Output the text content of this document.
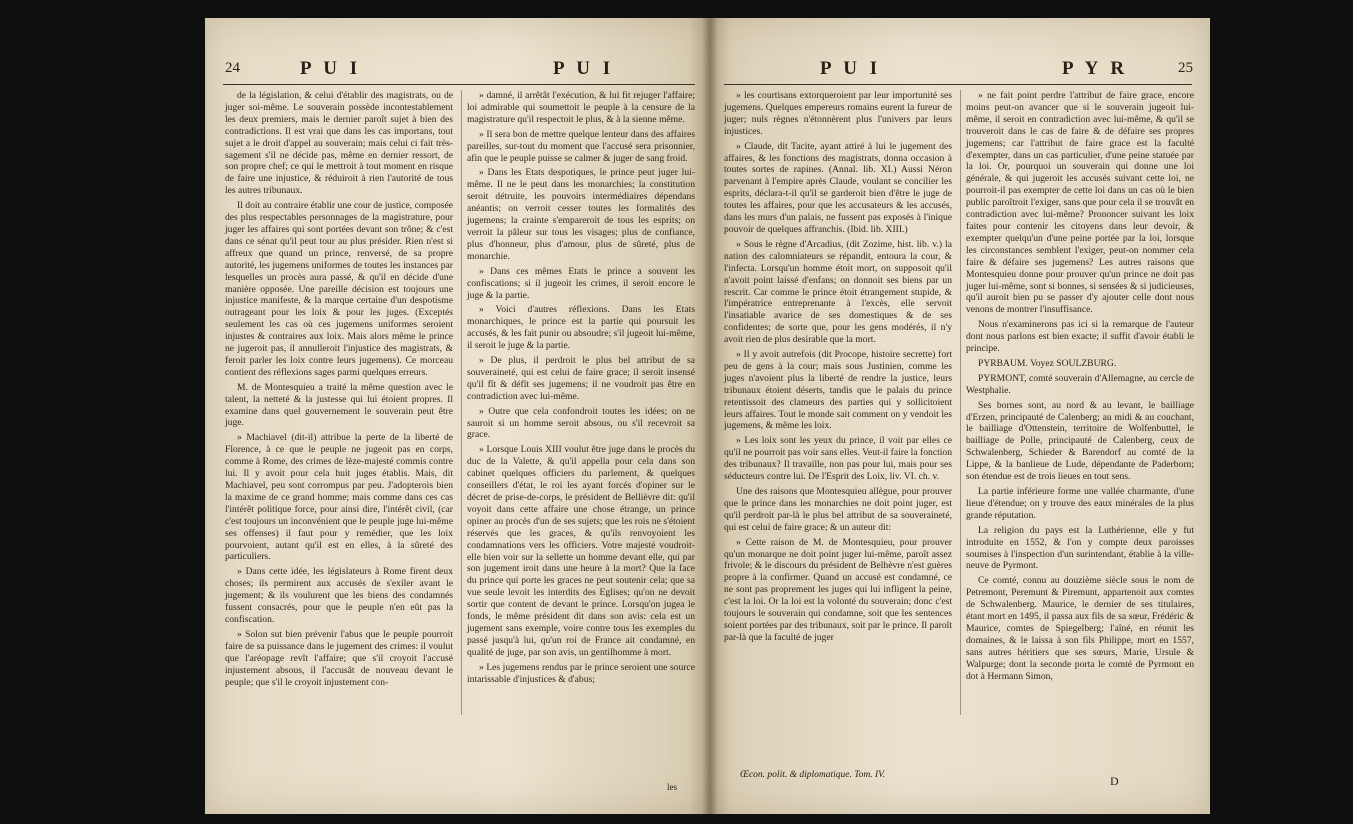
24	P U I	P U I

de la législation, & celui d'établir des magistrats, ou de juger soi-même. Le souverain possède incontestablement les deux premiers, mais le dernier paroît sujet à bien des contradictions. Il est vrai que dans les cas importans, tout sujet a le droit d'appel au souverain; mais celui ci fait très-sagement s'il ne décide pas, même en dernier ressort, de son propre chef; ce qui le mettroit à tout moment en risque de faire une injustice, & réduiroit à rien l'autorité de tous les autres tribunaux.

Il doit au contraire établir une cour de justice, composée des plus respectables personnages de la magistrature, pour juger les affaires qui sont portées devant son trône; & c'est dans ce sénat qu'il peut tour au plus présider. Rien n'est si affreux que quand un prince, renversé, de sa propre autorité, les jugemens uniformes de toutes les instances par lesquelles un procès aura passé, & qu'il en décide d'une manière opposée. Une pareille décision est toujours une injustice manifeste, & la marque certaine d'un despotisme outrageant pour les loix & pour les juges. (Exceptés seulement les cas où ces jugemens uniformes seroient injustes & contraires aux loix. Mais alors même le prince ne jugeroit pas, il annulleroit l'injustice des magistrats, & feroit parler les loix contre leurs jugemens). Ce morceau contient des réflexions sages parmi quelques erreurs.

M. de Montesquieu a traité la même question avec le talent, la netteté & la justesse qui lui étoient propres. Il examine dans quel gouvernement le souverain peut être juge.

» Machiavel (dit-il) attribue la perte de la liberté de Florence, à ce que le peuple ne jugeoit pas en corps, comme à Rome, des crimes de lèze-majesté commis contre lui. Il y avoit pour cela huit juges établis. Mais, dit Machiavel, peu sont corrompus par peu. J'adopterois bien la maxime de ce grand homme; mais comme dans ces cas l'intérêt politique force, pour ainsi dire, l'intérêt civil, (car c'est toujours un inconvénient que le peuple juge lui-même ses offenses) il faut pour y remédier, que les loix pourvoient, autant qu'il est en elles, à la sûreté des particuliers.

» Dans cette idée, les législateurs à Rome firent deux choses; ils permirent aux accusés de s'exiler avant le jugement; & ils voulurent que les biens des condamnés fussent consacrés, pour que le peuple n'en eût pas la confiscation.

» Solon sut bien prévenir l'abus que le peuple pourroit faire de sa puissance dans le jugement des crimes: il voulut que l'aréopage revît l'affaire; que s'il croyoit l'accusé injustement absous, il l'accusât de nouveau devant le peuple; que s'il le croyoit injustement con-

» damné, il arrêtât l'exécution, & lui fit rejuger l'affaire; loi admirable qui soumettoit le peuple à la censure de la magistrature qu'il respectoit le plus, & à la sienne même.

» Il sera bon de mettre quelque lenteur dans des affaires pareilles, sur-tout du moment que l'accusé sera prisonnier, afin que le peuple puisse se calmer & juger de sang froid.

» Dans les Etats despotiques, le prince peut juger lui-même. Il ne le peut dans les monarchies; la constitution seroit détruite, les pouvoirs intermédiaires dépendans anéantis; on verroit cesser toutes les formalités des jugemens; la crainte s'empareroit de tous les esprits; on verroit la pâleur sur tous les visages; plus de confiance, plus d'honneur, plus d'amour, plus de sûreté, plus de monarchie.

» Dans ces mêmes Etats le prince a souvent les confiscations; si il jugeoit les crimes, il seroit encore le juge & la partie.

» Voici d'autres réflexions. Dans les Etats monarchiques, le prince est la partie qui poursuit les accusés, & les fait punir ou absoudre; s'il jugeoit lui-même, il seroit le juge & la partie.

» De plus, il perdroit le plus bel attribut de sa souveraineté, qui est celui de faire grace; il seroit insensé qu'il fît & défît ses jugemens; il ne voudroit pas être en contradiction avec lui-même.

» Outre que cela confondroit toutes les idées; on ne sauroit si un homme seroit absous, ou s'il recevroit sa grace.

» Lorsque Louis XIII voulut être juge dans le procès du duc de la Valette, & qu'il appella pour cela dans son cabinet quelques officiers du parlement, & quelques conseillers d'état, le roi les ayant forcés d'opiner sur le décret de prise-de-corps, le président de Bellièvre dit: qu'il voyoit dans cette affaire une chose étrange, un prince opiner au procès d'un de ses sujets; que les rois ne s'étoient réservés que les graces, & qu'ils renvoyoient les condamnations vers les officiers. Votre majesté voudroit-elle bien voir sur la sellette un homme devant elle, qui par son jugement iroit dans une heure à la mort? Que la face du prince qui porte les graces ne peut soutenir cela; que sa vue seule levoit les interdits des Eglises; qu'on ne devoit sortir que content de devant le prince. Lorsqu'on jugea le fonds, le même président dit dans son avis: cela est un jugement sans exemple, voire contre tous les exemples du passé jusqu'à lui, qu'un roi de France ait condamné, en qualité de juge, par son avis, un gentilhomme à mort.

» Les jugemens rendus par le prince seroient une source intarissable d'injustices & d'abus;

les
P U I	P Y R	25

» les courtisans extorqueroient par leur importunité ses jugemens. Quelques empereurs romains eurent la fureur de juger; nuls règnes n'étonnèrent plus l'univers par leurs injustices.

» Claude, dit Tacite, ayant attiré à lui le jugement des affaires, & les fonctions des magistrats, donna occasion à toutes sortes de rapines. (Annal. lib. XI.) Aussi Néron parvenant à l'empire après Claude, voulant se concilier les esprits, déclara-t-il qu'il se garderoit bien d'être le juge de toutes les affaires, pour que les accusateurs & les accusés, dans les murs d'un palais, ne fussent pas exposés à l'inique pouvoir de quelques affranchis. (Ibid. lib. XIII.)

» Sous le règne d'Arcadius, (dit Zozime, hist. lib. v.) la nation des calomniateurs se répandit, entoura la cour, & l'infecta. Lorsqu'un homme étoit mort, on supposoit qu'il n'avoit point laissé d'enfans; on donnoit ses biens par un rescrit. Car comme le prince étoit étrangement stupide, & l'impératrice entreprenante à l'excès, elle servoit l'insatiable avarice de ses domestiques & de ses confidentes; de sorte que, pour les gens modérés, il n'y avoit rien de plus desirable que la mort.

» Il y avoit autrefois (dit Procope, histoire secrette) fort peu de gens à la cour; mais sous Justinien, comme les juges n'avoient plus la liberté de rendre la justice, leurs tribunaux étoient déserts, tandis que le palais du prince retentissoit des clameurs des parties qui y sollicitoient leurs affaires. Tout le monde sait comment on y vendoit les jugemens, & même les loix.

» Les loix sont les yeux du prince, il voit par elles ce qu'il ne pourroit pas voir sans elles. Veut-il faire la fonction des tribunaux? Il travaille, non pas pour lui, mais pour ses séducteurs contre lui. De l'Esprit des Loix, liv. VI. ch. v.

Une des raisons que Montesquieu allègue, pour prouver que le prince dans les monarchies ne doit point juger, est qu'il perdroit par-là le plus bel attribut de sa souveraineté, qui est celui de faire grace; & un auteur dit:

» Cette raison de M. de Montesquieu, pour prouver qu'un monarque ne doit point juger lui-même, paroît assez frivole; & le discours du président de Belhèvre n'est guères propre à la confirmer. Quand un accusé est condamné, ce ne sont pas proprement les juges qui lui infligent la peine, c'est la loi. Or la loi est la volonté du souverain; donc c'est toujours le souverain qui condamne, soit que les sentences soient portées par des tribunaux, soit par le prince. Il paroît par-là que la faculté de juger

» ne fait point perdre l'attribut de faire grace, encore moins peut-on avancer que si le souverain jugeoit lui-même, il seroit en contradiction avec lui-même, & qu'il se trouveroit dans le cas de faire & de défaire ses propres jugemens; car l'attribut de faire grace est la faculté d'exempter, dans un cas particulier, d'une peine statuée par la loi. Or, pourquoi un souverain qui donne une loi générale, & qui jugeroit les accusés suivant cette loi, ne pourroit-il pas exempter de cette loi dans un cas où le bien public paroîtroit l'exiger, sans que pour cela il se trouvât en contradiction avec lui-même? Prononcer suivant les loix faites pour contenir les citoyens dans leur devoir, & exempter quelqu'un d'une peine portée par la loi, lorsque les circonstances semblent l'exiger, peut-on nommer cela faire & défaire ses jugemens? Les autres raisons que Montesquieu donne pour prouver qu'un prince ne doit pas juger lui-même, sont si bonnes, si sensées & si judicieuses, qu'il auroit bien pu se passer d'y ajouter celle dont nous venons de montrer l'insuffisance.

Nous n'examinerons pas ici si la remarque de l'auteur dont nous parlons est bien exacte; il suffit d'avoir établi le principe.

PYRBAUM. Voyez SOULZBURG.

PYRMONT, comté souverain d'Allemagne, au cercle de Westphalie.

Ses bornes sont, au nord & au levant, le bailliage d'Erzen, principauté de Calenberg; au midi & au couchant, le bailliage d'Ottenstein, territoire de Wolfenbuttel, le bailliage de Polle, principauté de Calenberg, ceux de Schwalenberg, Schieder & Barendorf au comté de la Lippe, & la banlieue de Lude, dépendante de Paderborn; son étendue est de trois lieues en tout sens.

La partie inférieure forme une vallée charmante, d'une lieue d'étendue; on y trouve des eaux minérales de la plus grande réputation.

La religion du pays est la Luthérienne, elle y fut introduite en 1552, & l'on y compte deux paroisses soumises à l'inspection d'un surintendant, établie à la ville-neuve de Pyrmont.

Ce comté, connu au douzième siècle sous le nom de Petremont, Peremunt & Piremunt, appartenoit aux comtes de Schwalenberg. Maurice, le dernier de ses titulaires, étant mort en 1495, il passa aux fils de sa sœur, Frédéric & Maurice, comtes de Spiegelberg; l'aîné, en réunit les domaines, & le laissa à son fils Philippe, mort en 1557, sans autres héritiers que ses sœurs, Marie, Ursule & Walpurge; dont la seconde porta le comté de Pyrmont en dot à Hermann Simon,

Œcon. polit. & diplomatique. Tom. IV.	D
